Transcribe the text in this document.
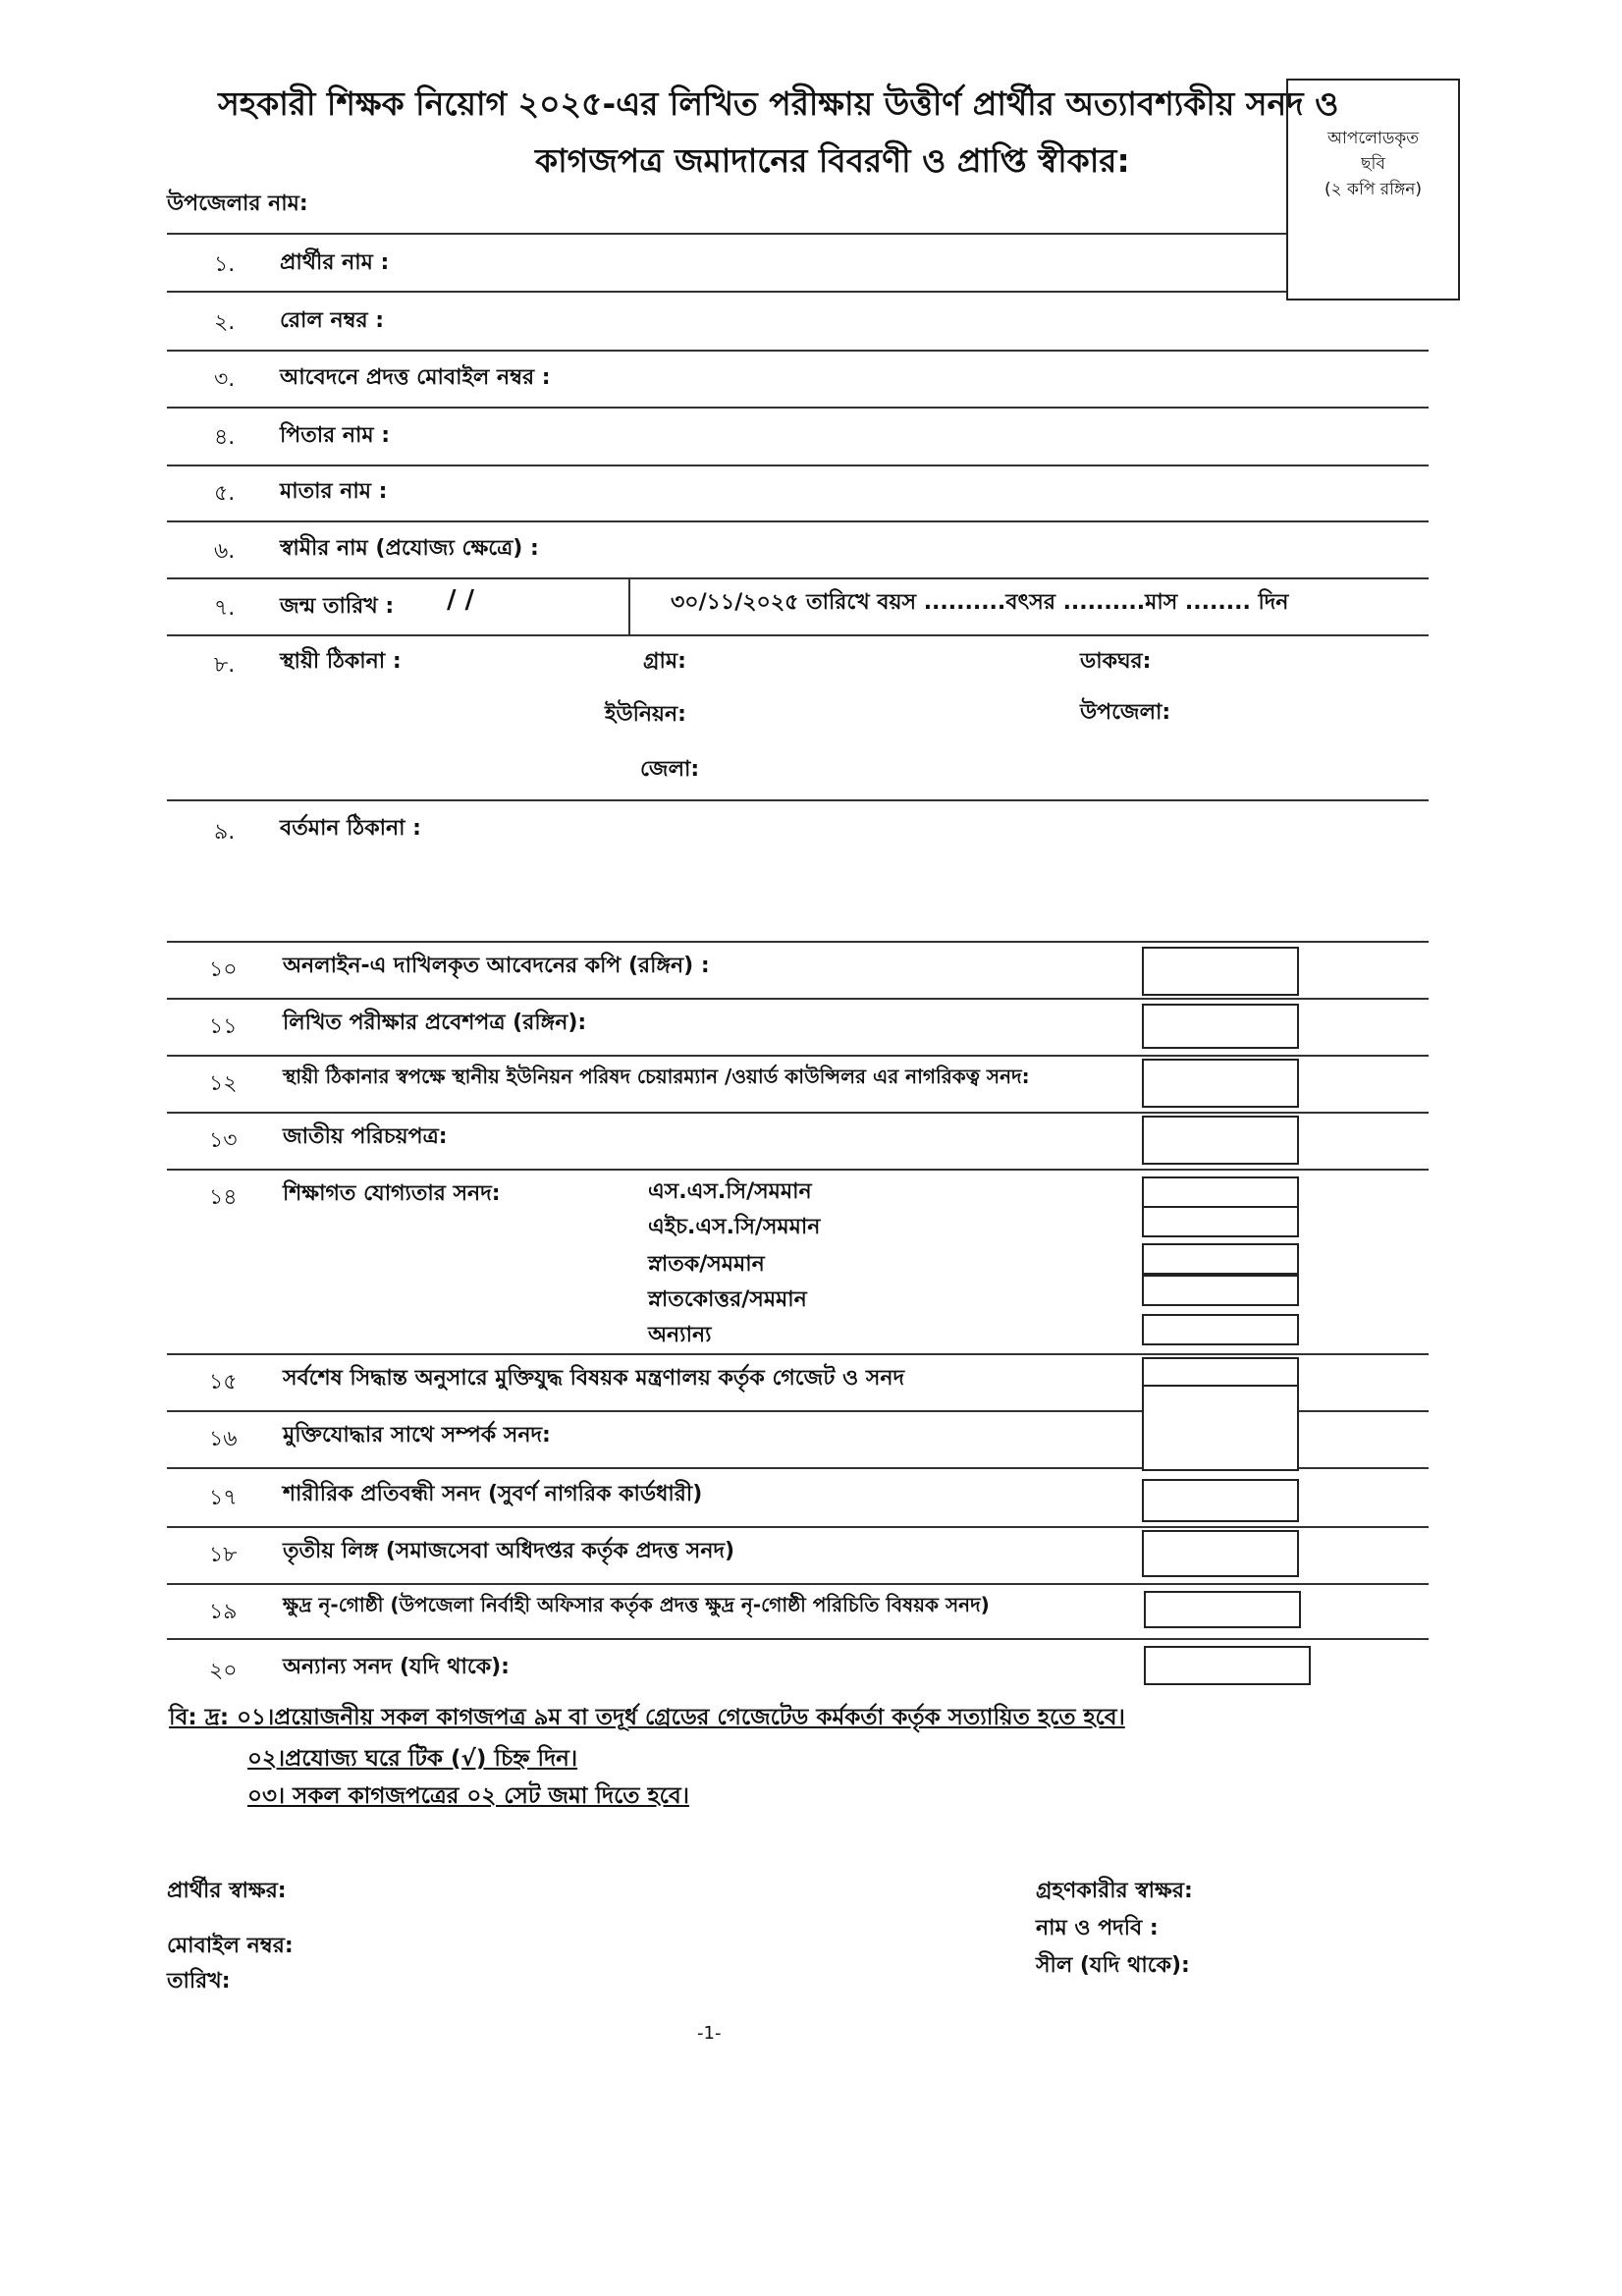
সহকারী শিক্ষক নিয়োগ ২০২৫-এর লিখিত পরীক্ষায় উত্তীর্ণ প্রার্থীর অত্যাবশ্যকীয় সনদ ও
কাগজপত্র জমাদানের বিবরণী ও প্রাপ্তি স্বীকার:
উপজেলার নাম:
আপলোডকৃত
ছবি
(২ কপি রঙ্গিন)
১. প্রার্থীর নাম :
২. রোল নম্বর :
৩. আবেদনে প্রদত্ত মোবাইল নম্বর :
৪. পিতার নাম :
৫. মাতার নাম :
৬. স্বামীর নাম (প্রযোজ্য ক্ষেত্রে) :
৭. জন্ম তারিখ : / /	৩০/১১/২০২৫ তারিখে বয়স ..........বৎসর ..........মাস ........ দিন
৮. স্থায়ী ঠিকানা :	গ্রাম:	ডাকঘর:
ইউনিয়ন:	উপজেলা:
জেলা:
৯. বর্তমান ঠিকানা :
১০ অনলাইন-এ দাখিলকৃত আবেদনের কপি (রঙ্গিন) :
১১ লিখিত পরীক্ষার প্রবেশপত্র (রঙ্গিন):
১২ স্থায়ী ঠিকানার স্বপক্ষে স্থানীয় ইউনিয়ন পরিষদ চেয়ারম্যান /ওয়ার্ড কাউন্সিলর এর নাগরিকত্ব সনদ:
১৩ জাতীয় পরিচয়পত্র:
১৪ শিক্ষাগত যোগ্যতার সনদ:	এস.এস.সি/সমমান
এইচ.এস.সি/সমমান
স্নাতক/সমমান
স্নাতকোত্তর/সমমান
অন্যান্য
১৫ সর্বশেষ সিদ্ধান্ত অনুসারে মুক্তিযুদ্ধ বিষয়ক মন্ত্রণালয় কর্তৃক গেজেট ও সনদ
১৬ মুক্তিযোদ্ধার সাথে সম্পর্ক সনদ:
১৭ শারীরিক প্রতিবন্ধী সনদ (সুবর্ণ নাগরিক কার্ডধারী)
১৮ তৃতীয় লিঙ্গ (সমাজসেবা অধিদপ্তর কর্তৃক প্রদত্ত সনদ)
১৯ ক্ষুদ্র নৃ-গোষ্ঠী (উপজেলা নির্বাহী অফিসার কর্তৃক প্রদত্ত ক্ষুদ্র নৃ-গোষ্ঠী পরিচিতি বিষয়ক সনদ)
২০ অন্যান্য সনদ (যদি থাকে):
বি: দ্র: ০১।প্রয়োজনীয় সকল কাগজপত্র ৯ম বা তদূর্ধ গ্রেডের গেজেটেড কর্মকর্তা কর্তৃক সত্যায়িত হতে হবে।
০২।প্রযোজ্য ঘরে টিক (√) চিহ্ন দিন।
০৩। সকল কাগজপত্রের ০২ সেট জমা দিতে হবে।
প্রার্থীর স্বাক্ষর:
মোবাইল নম্বর:
তারিখ:
গ্রহণকারীর স্বাক্ষর:
নাম ও পদবি :
সীল (যদি থাকে):
-1-
